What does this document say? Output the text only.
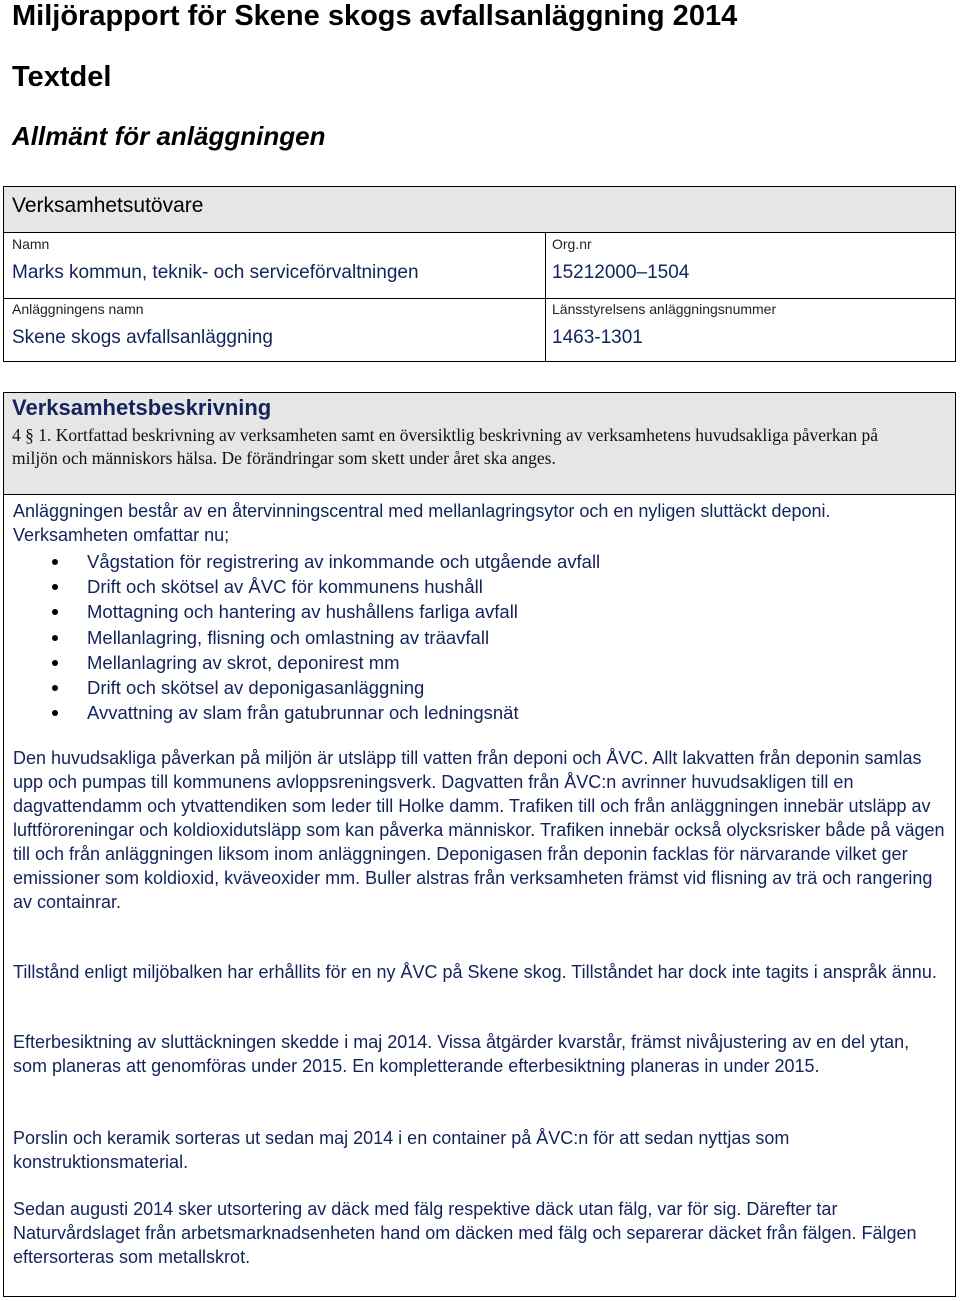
Miljörapport för Skene skogs avfallsanläggning 2014
Textdel
Allmänt för anläggningen
Verksamhetsutövare
Namn
Marks kommun, teknik- och serviceförvaltningen
Org.nr
15212000–1504
Anläggningens namn
Skene skogs avfallsanläggning
Länsstyrelsens anläggningsnummer
1463-1301
Verksamhetsbeskrivning
4 § 1. Kortfattad beskrivning av verksamheten samt en översiktlig beskrivning av verksamhetens huvudsakliga påverkan på miljön och människors hälsa. De förändringar som skett under året ska anges.
Anläggningen består av en återvinningscentral med mellanlagringsytor och en nyligen sluttäckt deponi. Verksamheten omfattar nu;
Vågstation för registrering av inkommande och utgående avfall
Drift och skötsel av ÅVC för kommunens hushåll
Mottagning och hantering av hushållens farliga avfall
Mellanlagring, flisning och omlastning av träavfall
Mellanlagring av skrot, deponirest mm
Drift och skötsel av deponigasanläggning
Avvattning av slam från gatubrunnar och ledningsnät
Den huvudsakliga påverkan på miljön är utsläpp till vatten från deponi och ÅVC. Allt lakvatten från deponin samlas upp och pumpas till kommunens avloppsreningsverk. Dagvatten från ÅVC:n avrinner huvudsakligen till en dagvattendamm och ytvattendiken som leder till Holke damm. Trafiken till och från anläggningen innebär utsläpp av luftföroreningar och koldioxidutsläpp som kan påverka människor. Trafiken innebär också olycksrisker både på vägen till och från anläggningen liksom inom anläggningen. Deponigasen från deponin facklas för närvarande vilket ger emissioner som koldioxid, kväveoxider mm. Buller alstras från verksamheten främst vid flisning av trä och rangering av containrar.
Tillstånd enligt miljöbalken har erhållits för en ny ÅVC på Skene skog. Tillståndet har dock inte tagits i anspråk ännu.
Efterbesiktning av sluttäckningen skedde i maj 2014. Vissa åtgärder kvarstår, främst nivåjustering av en del ytan, som planeras att genomföras under 2015. En kompletterande efterbesiktning planeras in under 2015.
Porslin och keramik sorteras ut sedan maj 2014 i en container på ÅVC:n för att sedan nyttjas som konstruktionsmaterial.
Sedan augusti 2014 sker utsortering av däck med fälg respektive däck utan fälg, var för sig. Därefter tar Naturvårdslaget från arbetsmarknadsenheten hand om däcken med fälg och separerar däcket från fälgen. Fälgen eftersorteras som metallskrot.
